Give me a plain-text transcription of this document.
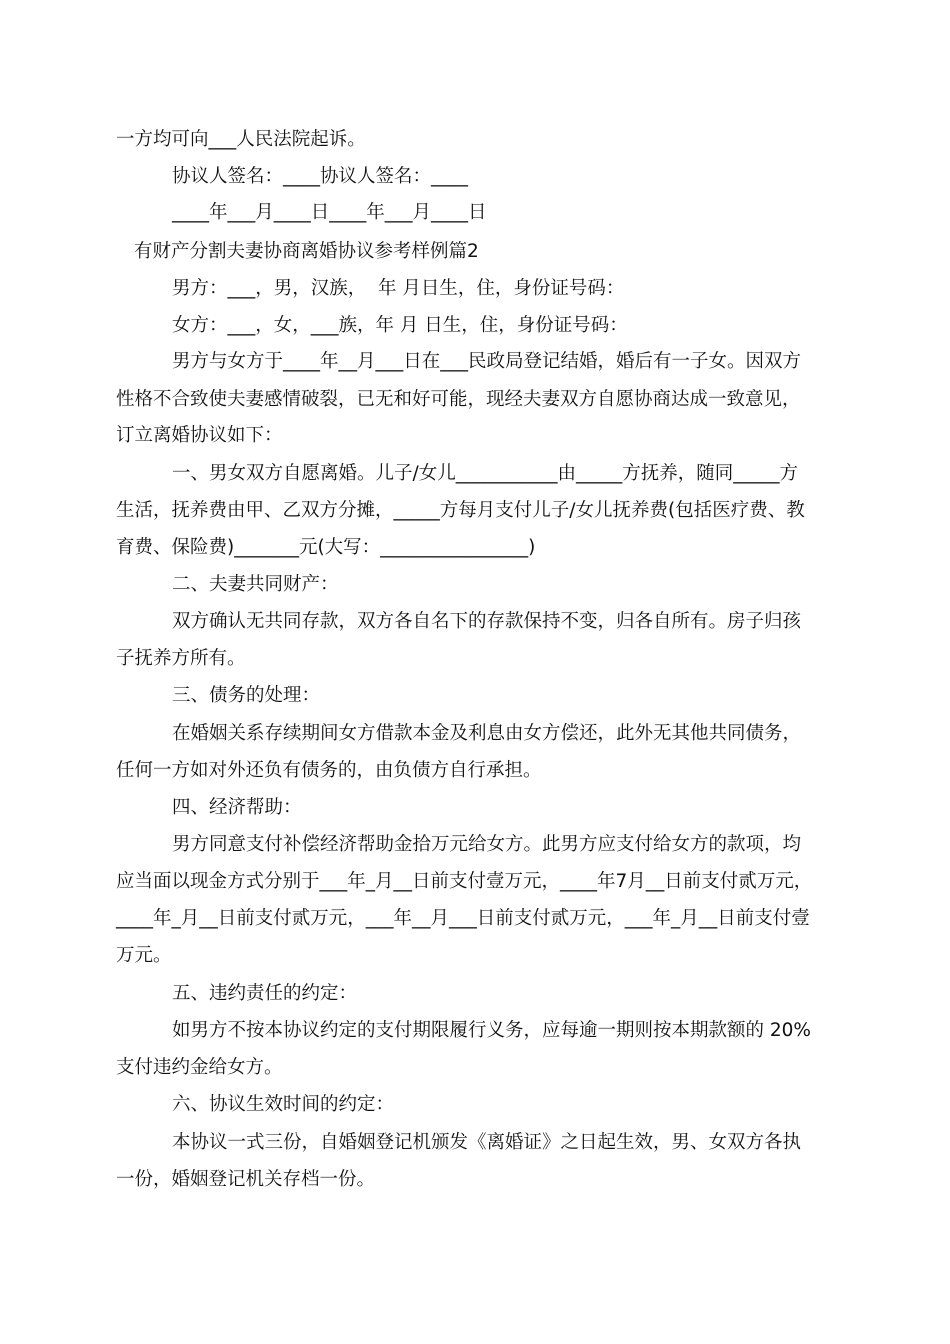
一方均可向___人民法院起诉。
协议人签名：____协议人签名：____
____年___月____日____年___月____日
有财产分割夫妻协商离婚协议参考样例篇2
男方：___，男，汉族，  年 月日生，住，身份证号码：
女方：___，女，___族，年 月 日生，住，身份证号码：
男方与女方于____年__月___日在___民政局登记结婚，婚后有一子女。因双方
性格不合致使夫妻感情破裂，已无和好可能，现经夫妻双方自愿协商达成一致意见，
订立离婚协议如下：
一、男女双方自愿离婚。儿子/女儿___________由_____方抚养，随同_____方
生活，抚养费由甲、乙双方分摊，_____方每月支付儿子/女儿抚养费(包括医疗费、教
育费、保险费)_______元(大写：________________)
二、夫妻共同财产：
双方确认无共同存款，双方各自名下的存款保持不变，归各自所有。房子归孩
子抚养方所有。
三、债务的处理：
在婚姻关系存续期间女方借款本金及利息由女方偿还，此外无其他共同债务，
任何一方如对外还负有债务的，由负债方自行承担。
四、经济帮助：
男方同意支付补偿经济帮助金拾万元给女方。此男方应支付给女方的款项，均
应当面以现金方式分别于___年_月__日前支付壹万元，____年7月__日前支付贰万元，
____年_月__日前支付贰万元，___年__月___日前支付贰万元，___年_月__日前支付壹
万元。
五、违约责任的约定：
如男方不按本协议约定的支付期限履行义务，应每逾一期则按本期款额的 20%
支付违约金给女方。
六、协议生效时间的约定：
本协议一式三份，自婚姻登记机颁发《离婚证》之日起生效，男、女双方各执
一份，婚姻登记机关存档一份。
